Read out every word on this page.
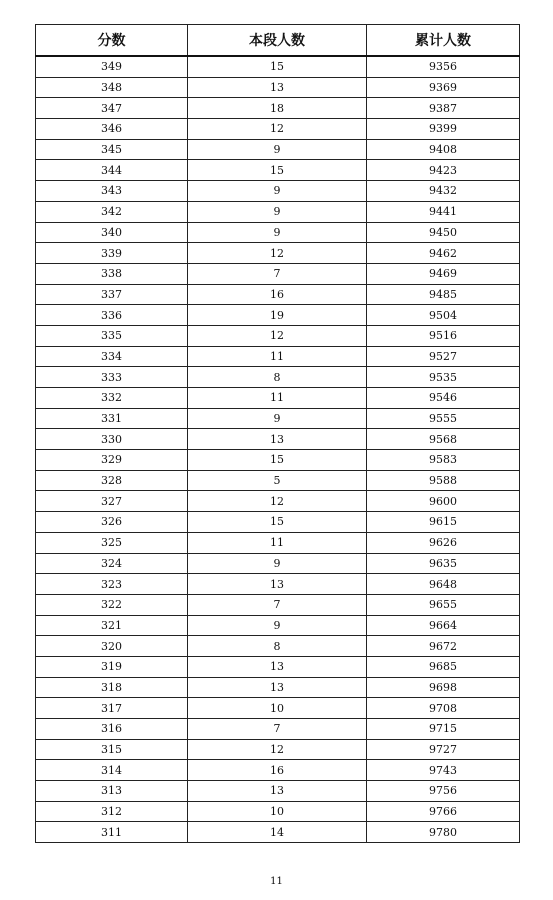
分数	本段人数	累计人数
349	15	9356
348	13	9369
347	18	9387
346	12	9399
345	9	9408
344	15	9423
343	9	9432
342	9	9441
340	9	9450
339	12	9462
338	7	9469
337	16	9485
336	19	9504
335	12	9516
334	11	9527
333	8	9535
332	11	9546
331	9	9555
330	13	9568
329	15	9583
328	5	9588
327	12	9600
326	15	9615
325	11	9626
324	9	9635
323	13	9648
322	7	9655
321	9	9664
320	8	9672
319	13	9685
318	13	9698
317	10	9708
316	7	9715
315	12	9727
314	16	9743
313	13	9756
312	10	9766
311	14	9780
11
